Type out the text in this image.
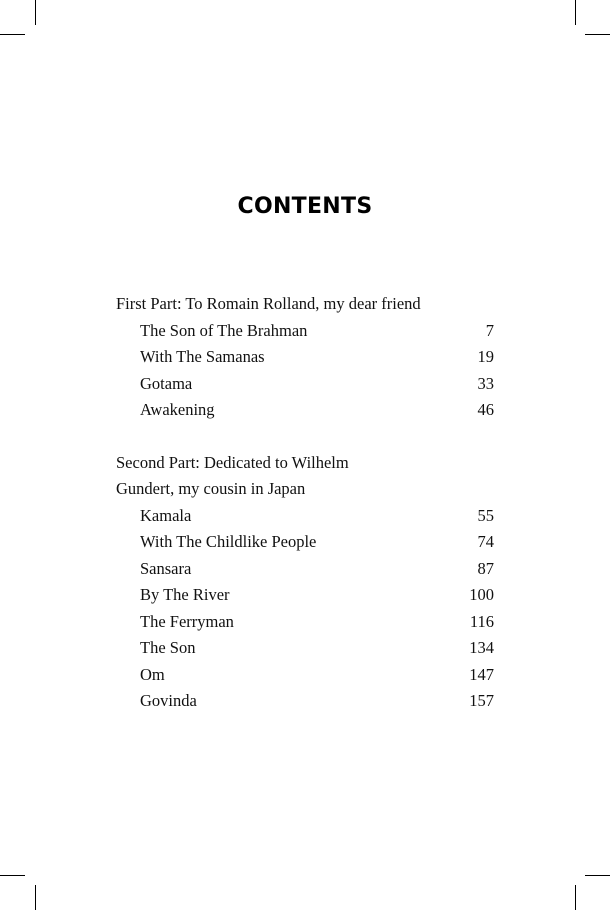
CONTENTS

First Part: To Romain Rolland, my dear friend

The Son of The Brahman	7
With The Samanas	19
Gotama	33
Awakening	46

Second Part: Dedicated to Wilhelm Gundert, my cousin in Japan

Kamala	55
With The Childlike People	74
Sansara	87
By The River	100
The Ferryman	116
The Son	134
Om	147
Govinda	157
